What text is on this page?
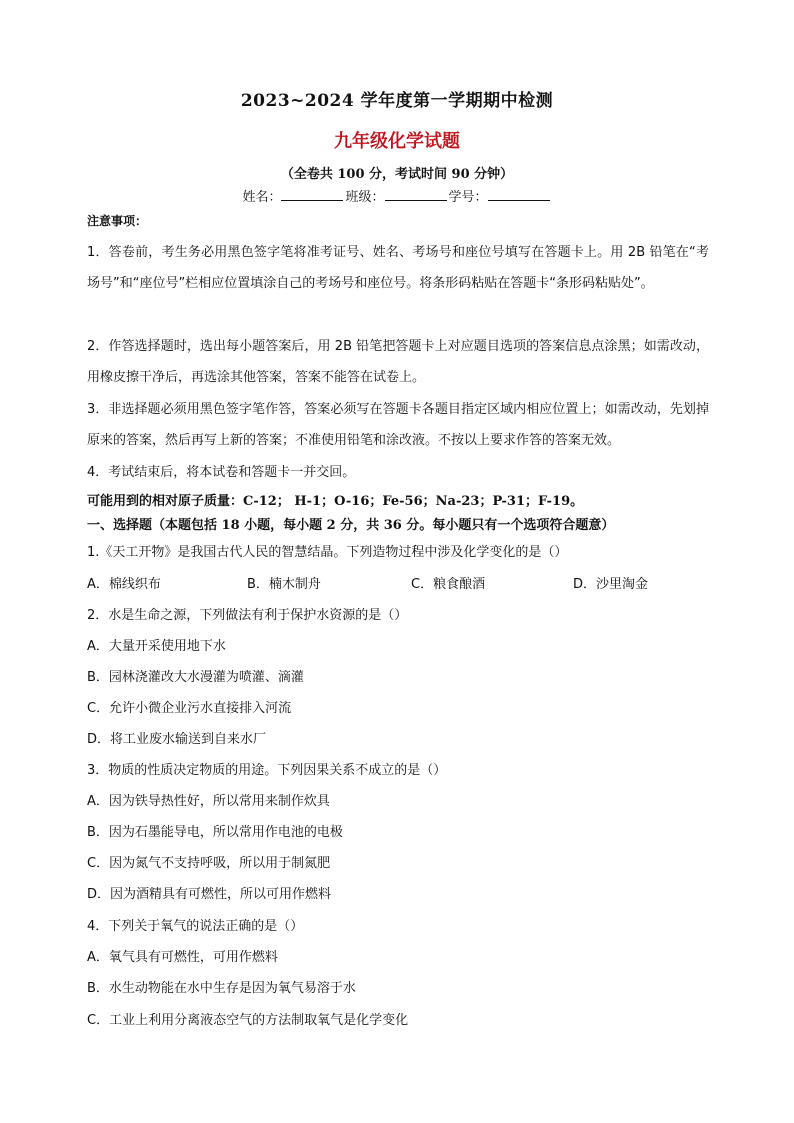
2023~2024 学年度第一学期期中检测
九年级化学试题
（全卷共 100 分，考试时间 90 分钟）
姓名：	班级：	学号：
注意事项：
1．答卷前，考生务必用黑色签字笔将准考证号、姓名、考场号和座位号填写在答题卡上。用 2B 铅笔在“考场号”和“座位号”栏相应位置填涂自己的考场号和座位号。将条形码粘贴在答题卡“条形码粘贴处”。
2．作答选择题时，选出每小题答案后，用 2B 铅笔把答题卡上对应题目选项的答案信息点涂黑；如需改动，用橡皮擦干净后，再选涂其他答案，答案不能答在试卷上。
3．非选择题必须用黑色签字笔作答，答案必须写在答题卡各题目指定区域内相应位置上；如需改动，先划掉原来的答案，然后再写上新的答案；不准使用铅笔和涂改液。不按以上要求作答的答案无效。
4．考试结束后，将本试卷和答题卡一并交回。
可能用到的相对原子质量：C-12； H-1；O-16；Fe-56；Na-23；P-31；F-19。
一、选择题（本题包括 18 小题，每小题 2 分，共 36 分。每小题只有一个选项符合题意）
1.《天工开物》是我国古代人民的智慧结晶。下列造物过程中涉及化学变化的是（）
A．棉线织布	B．楠木制舟	C．粮食酿酒	D．沙里淘金
2．水是生命之源，下列做法有利于保护水资源的是（）
A．大量开采使用地下水
B．园林浇灌改大水漫灌为喷灌、滴灌
C．允许小微企业污水直接排入河流
D．将工业废水输送到自来水厂
3．物质的性质决定物质的用途。下列因果关系不成立的是（）
A．因为铁导热性好，所以常用来制作炊具
B．因为石墨能导电，所以常用作电池的电极
C．因为氮气不支持呼吸，所以用于制氮肥
D．因为酒精具有可燃性，所以可用作燃料
4．下列关于氧气的说法正确的是（）
A．氧气具有可燃性，可用作燃料
B．水生动物能在水中生存是因为氧气易溶于水
C．工业上利用分离液态空气的方法制取氧气是化学变化
